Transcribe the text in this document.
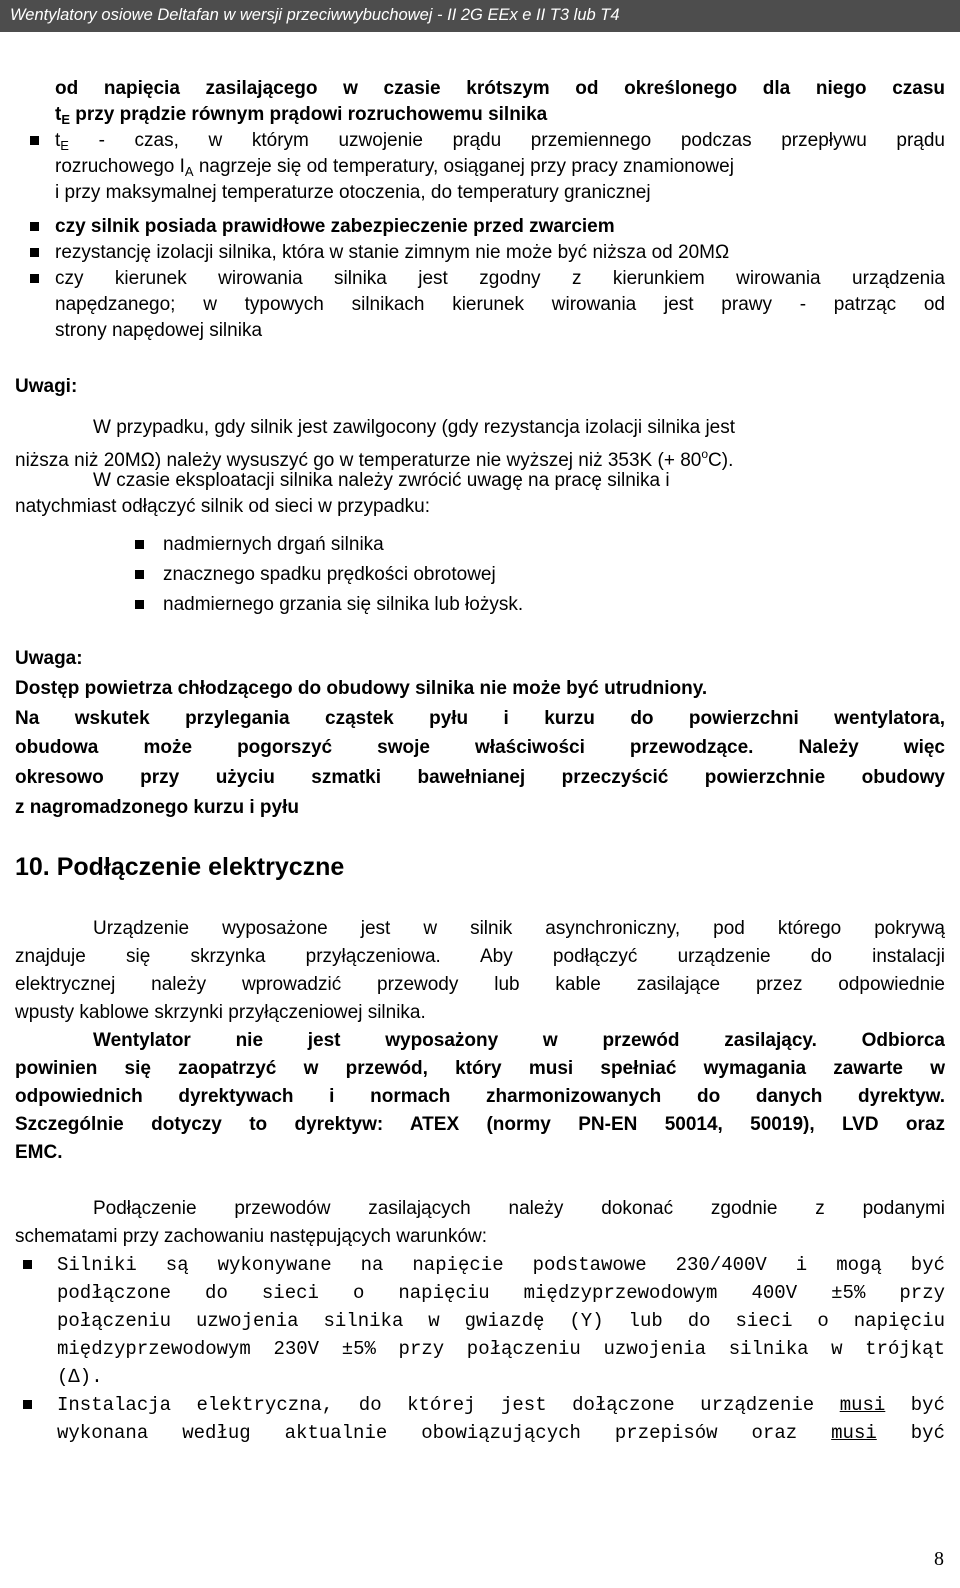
Wentylatory osiowe Deltafan w wersji przeciwwybuchowej - II 2G EEx e II T3 lub T4
od napięcia zasilającego w czasie krótszym od określonego dla niego czasu
$t_E$ przy prądzie równym prądowi rozruchowemu silnika
$t_E$ - czas, w którym uzwojenie prądu przemiennego podczas przepływu prądu
rozruchowego $I_A$ nagrzeje się od temperatury, osiąganej przy pracy znamionowej
i przy maksymalnej temperaturze otoczenia, do temperatury granicznej
czy silnik posiada prawidłowe zabezpieczenie przed zwarciem
rezystancję izolacji silnika, która w stanie zimnym nie może być niższa od 20MΩ
czy kierunek wirowania silnika jest zgodny z kierunkiem wirowania urządzenia
napędzanego; w typowych silnikach kierunek wirowania jest prawy - patrząc od
strony napędowej silnika
Uwagi:
W przypadku, gdy silnik jest zawilgocony (gdy rezystancja izolacji silnika jest
niższa niż 20MΩ) należy wysuszyć go w temperaturze nie wyższej niż 353K (+ $80^oC$).
W czasie eksploatacji silnika należy zwrócić uwagę na pracę silnika i
natychmiast odłączyć silnik od sieci w przypadku:
nadmiernych drgań silnika
znacznego spadku prędkości obrotowej
nadmiernego grzania się silnika lub łożysk.
Uwaga:
Dostęp powietrza chłodzącego do obudowy silnika nie może być utrudniony.
Na wskutek przylegania cząstek pyłu i kurzu do powierzchni wentylatora,
obudowa może pogorszyć swoje właściwości przewodzące. Należy więc
okresowo przy użyciu szmatki bawełnianej przeczyścić powierzchnie obudowy
z nagromadzonego kurzu i pyłu
10. Podłączenie elektryczne
Urządzenie wyposażone jest w silnik asynchroniczny, pod którego pokrywą
znajduje się skrzynka przyłączeniowa. Aby podłączyć urządzenie do instalacji
elektrycznej należy wprowadzić przewody lub kable zasilające przez odpowiednie
wpusty kablowe skrzynki przyłączeniowej silnika.
Wentylator nie jest wyposażony w przewód zasilający. Odbiorca
powinien się zaopatrzyć w przewód, który musi spełniać wymagania zawarte w
odpowiednich dyrektywach i normach zharmonizowanych do danych dyrektyw.
Szczególnie dotyczy to dyrektyw: ATEX (normy PN-EN 50014, 50019), LVD oraz
EMC.
Podłączenie przewodów zasilających należy dokonać zgodnie z podanymi
schematami przy zachowaniu następujących warunków:
Silniki są wykonywane na napięcie podstawowe 230/400V i mogą być
podłączone do sieci o napięciu międzyprzewodowym 400V ±5% przy
połączeniu uzwojenia silnika w gwiazdę (Y) lub do sieci o napięciu
międzyprzewodowym 230V ±5% przy połączeniu uzwojenia silnika w trójkąt
(∆).
Instalacja elektryczna, do której jest dołączone urządzenie musi być
wykonana według aktualnie obowiązujących przepisów oraz musi być
8
